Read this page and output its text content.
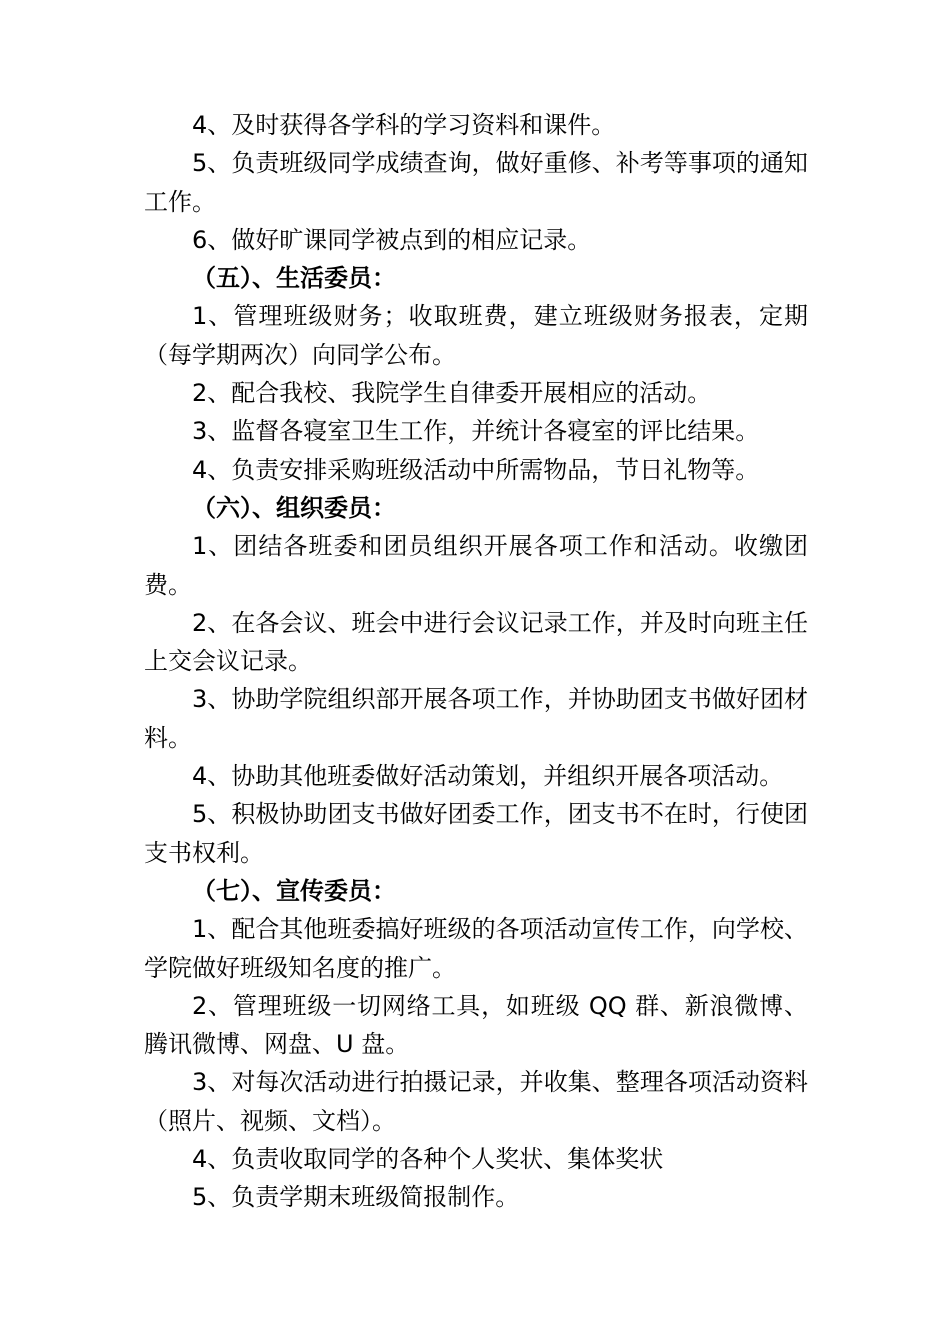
4、及时获得各学科的学习资料和课件。

5、负责班级同学成绩查询，做好重修、补考等事项的通知工作。

6、做好旷课同学被点到的相应记录。

（五）、生活委员：

1、管理班级财务；收取班费，建立班级财务报表，定期（每学期两次）向同学公布。

2、配合我校、我院学生自律委开展相应的活动。

3、监督各寝室卫生工作，并统计各寝室的评比结果。

4、负责安排采购班级活动中所需物品，节日礼物等。

（六）、组织委员：

1、团结各班委和团员组织开展各项工作和活动。收缴团费。

2、在各会议、班会中进行会议记录工作，并及时向班主任上交会议记录。

3、协助学院组织部开展各项工作，并协助团支书做好团材料。

4、协助其他班委做好活动策划，并组织开展各项活动。

5、积极协助团支书做好团委工作，团支书不在时，行使团支书权利。

（七）、宣传委员：

1、配合其他班委搞好班级的各项活动宣传工作，向学校、学院做好班级知名度的推广。

2、管理班级一切网络工具，如班级 QQ 群、新浪微博、腾讯微博、网盘、U 盘。

3、对每次活动进行拍摄记录，并收集、整理各项活动资料（照片、视频、文档）。

4、负责收取同学的各种个人奖状、集体奖状

5、负责学期末班级简报制作。
